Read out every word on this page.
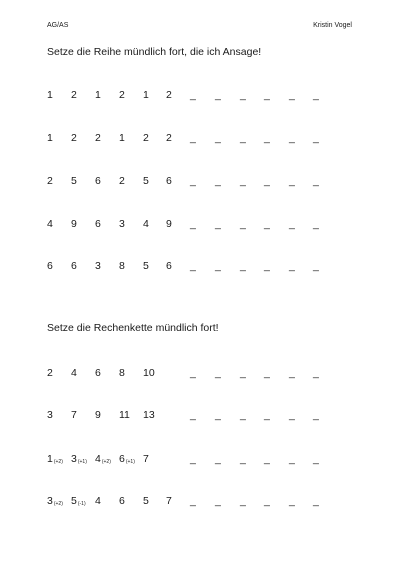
AG/AS	Kristin Vogel
Setze die Reihe mündlich fort, die ich Ansage!
1 2 1 2 1 2 _ _ _ _ _ _
1 2 2 1 2 2 _ _ _ _ _ _
2 5 6 2 5 6 _ _ _ _ _ _
4 9 6 3 4 9 _ _ _ _ _ _
6 6 3 8 5 6 _ _ _ _ _ _
Setze die Rechenkette mündlich fort!
2 4 6 8 10	_ _ _ _ _ _
3 7 9 11 13	_ _ _ _ _ _
$1_{(+2)}$ $3_{(+1)}$ $4_{(+2)}$ $6_{(+1)}$ 7	_ _ _ _ _ _
$3_{(+2)}$ $5_{(-1)}$ 4 6 5 7 _ _ _ _ _ _
